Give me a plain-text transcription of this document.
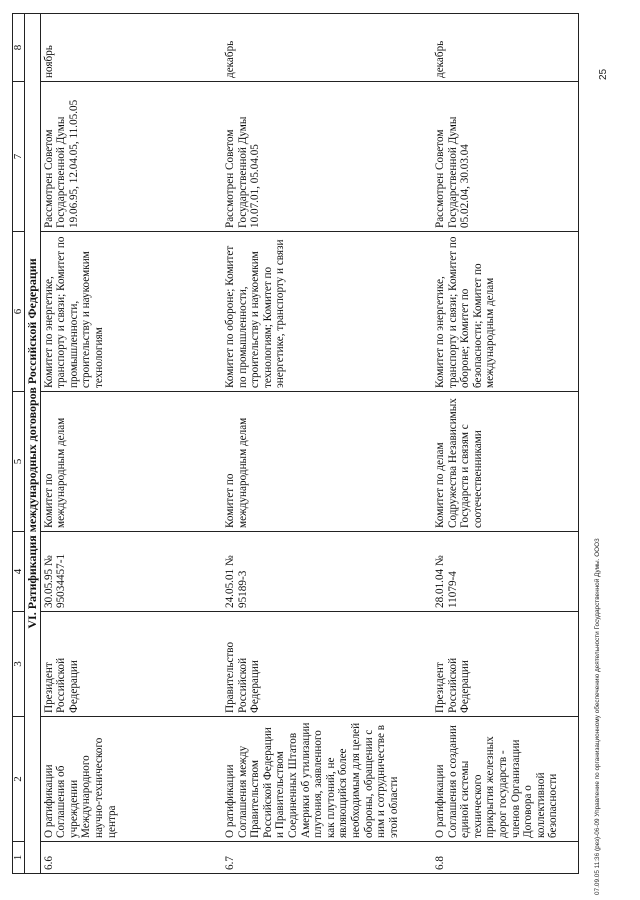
1	2	3	4	5	6	7	8
VI. Ратификация международных договоров Российской Федерации							
6.6	О ратификации Соглашения об учреждении Международного научно-технического центра	Президент Российской Федерации	30.05.95 № 95034457-1	Комитет по международным делам	Комитет по энергетике, транспорту и связи; Комитет по промышленности, строительству и наукоемким технологиям	Рассмотрен Советом Государственной Думы 19.06.95, 12.04.05, 11.05.05	ноябрь
6.7	О ратификации Соглашения между Правительством Российской Федерации и Правительством Соединенных Штатов Америки об утилизации плутония, заявленного как плутоний, не являющийся более необходимым для целей обороны, обращении с ним и сотрудничестве в этой области	Правительство Российской Федерации	24.05.01 № 95189-3	Комитет по международным делам	Комитет по обороне; Комитет по промышленности, строительству и наукоемким технологиям; Комитет по энергетике, транспорту и связи	Рассмотрен Советом Государственной Думы 10.07.01, 05.04.05	декабрь
6.8	О ратификации Соглашения о создании единой системы технического прикрытия железных дорог государств - членов Организации Договора о коллективной безопасности	Президент Российской Федерации	28.01.04 № 11079-4	Комитет по делам Содружества Независимых Государств и связям с соотечественниками	Комитет по энергетике, транспорту и связи; Комитет по обороне; Комитет по безопасности; Комитет по международным делам	Рассмотрен Советом Государственной Думы 05.02.04, 30.03.04	декабрь
07.09.05 11:36 (рез)-06-09 Управление по организационному обеспечению деятельности Государственной Думы. ООО3
25
